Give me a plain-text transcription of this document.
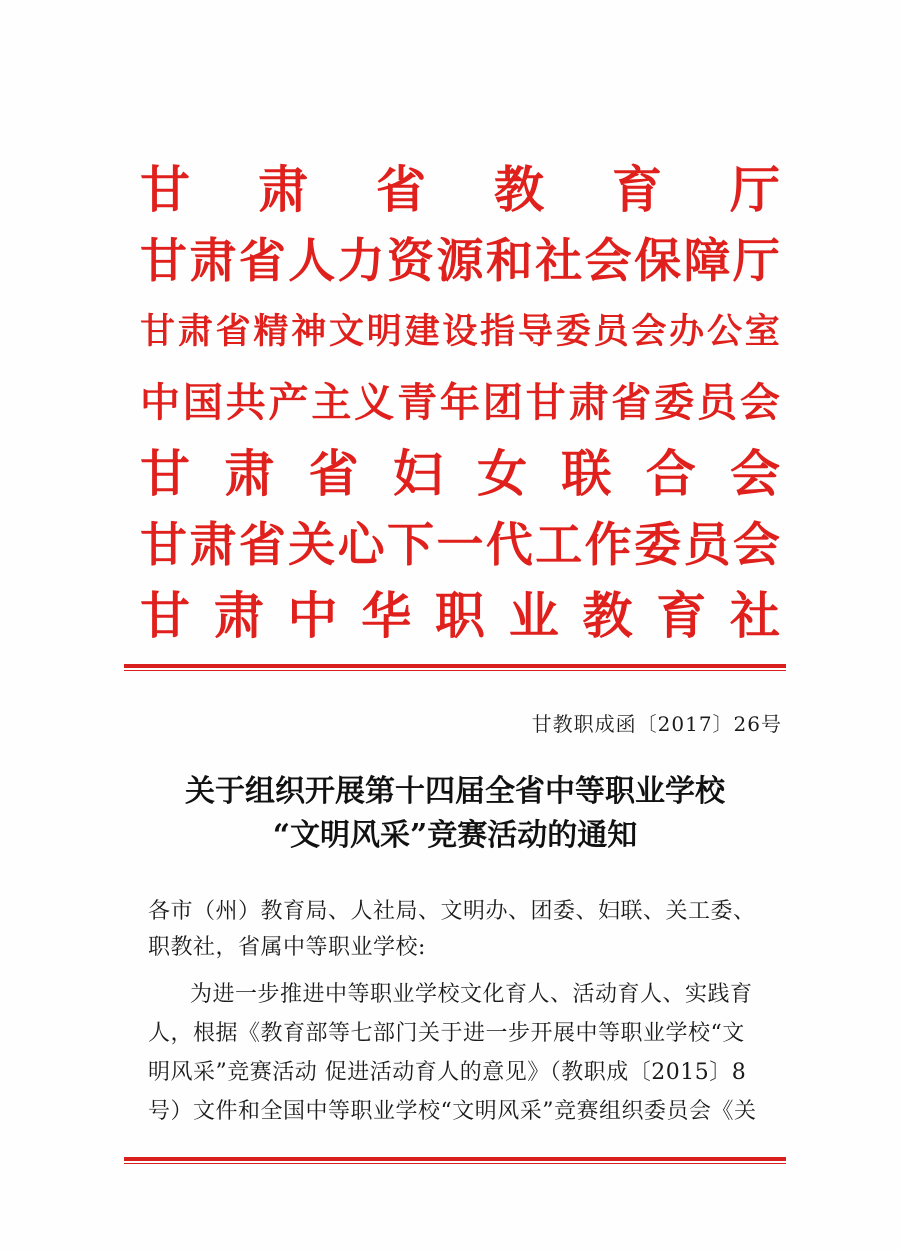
甘 肃 省 教 育 厅
甘 肃 省 人 力 资 源 和 社 会 保 障 厅
甘 肃 省 精 神 文 明 建 设 指 导 委 员 会 办 公 室
中 国 共 产 主 义 青 年 团 甘 肃 省 委 员 会
甘 肃 省 妇 女 联 合 会
甘 肃 省 关 心 下 一 代 工 作 委 员 会
甘 肃 中 华 职 业 教 育 社
甘教职成函〔2017〕26号
关于组织开展第十四届全省中等职业学校
“文明风采”竞赛活动的通知
各市（州）教育局、人社局、文明办、团委、妇联、关工委、
职教社，省属中等职业学校:
为进一步推进中等职业学校文化育人、活动育人、实践育
人，根据《教育部等七部门关于进一步开展中等职业学校“文
明风采”竞赛活动 促进活动育人的意见》（教职成〔2015〕8
号）文件和全国中等职业学校“文明风采”竞赛组织委员会《关
